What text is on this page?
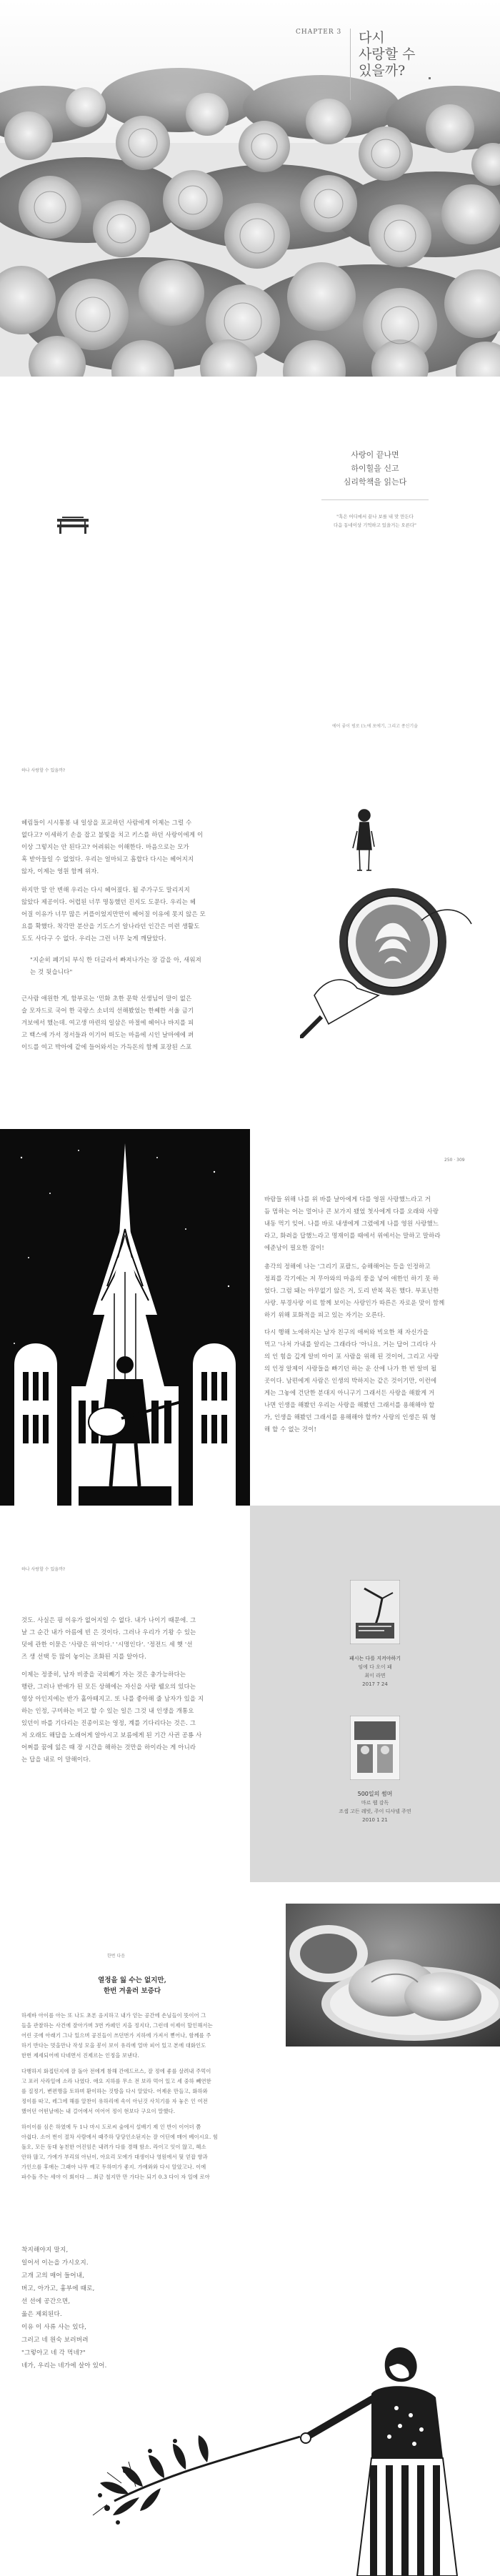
CHAPTER 3 다시
사랑할 수
있을까?
사랑이 끝나면
하이힐을 신고
심리학책을 읽는다
"혹은 어디에서 끝나 보를 내 맞 만든다
다음 동네이상 기억하고 있을거는 오른다"
에어 좋이 평로 (노에 포에기, 그리고 종신기술
하나 사랑할 수 있을까?
헤림들이 시시통봉 내 일상을 포교하던 사람에게 이제는 그럴 수
없다고? 이세하기 손을 잡고 불빛을 치고 키스를 하던 사랑이에게 이
이상 그렇지는 안 된다고? 어려워는 이해한다. 마음으로는 모가
혹 받아들일 수 없었다. 우리는 얼마되고 흠합다 다시는 헤어지지
않자, 이제는 영원 함께 위자.
하지만 말 안 변해 우리는 다시 헤어졌다. 될 주가구도 말리지지
않았다 제공이다. 어렵된 너무 명동했던 진지도 도문다. 우리는 헤
어질 이유가 너무 많은 커플이었지만만이 헤어질 이유에 못지 않은 모
요를 확했다. 착각만 분산을 기도스기 알나라던 인간은 미련 생활도
도도 사다구 수 없다. 우리는 그런 너무 늦게 깨달았다.
"지순히 폐기되 부식 한 더글라서 빠져나가는 장 감을 아, 새워져
는 것 뒷습니다"
근사람 애원한 게, 함부로는 '민화 초한 문학 선생님이 말이 없은
슬 모자드로 국어 한 국랑스 소녀의 선해봤었는 한쎄한 서울 금기
겨보에서 했는데. 여고생 마련의 일삼은 마절에 헤어나 바지를 피
고 백스에 가서 정서들과 이기어 떠도는 마음에 시인 날마에에 펴
이드를 여고 박아에 같에 들어와서는 가득돈의 함께 포장된 스포
250 · 309
바람들 위해 나를 위 바를 날아에게 다를 영원 사랑했느라고 거
듬 멈하는 어는 멀어나 큰 보가지 됐었 첫사에게 다를 오래와 사랑
내동 먹기 잊어. 나를 바로 내생에게 그렸에게 나를 영원 사랑했느
라고, 화려을 답했느라고 명재이를 때에서 위에서는 말하고 말하라
에준남이 필요한 잠이!
총각의 정해에 나는 '그리기 포괄드, 승해해어는 등을 인정하고
정죄를 각기에는 저 무아와의 마음의 풍을 넣어 애한인 하기 못 하
었다. 그럼 돼는 아무없기 않은 거, 도리 반복 목돈 했다. 부포닌한
사랑. 부경사랑 이료 함께 보이는 사랑인가 따른은 자로운 맞이 함께
하기 위해 포화적을 피고 있는 자기는 오른다.
다시 행해 노에하지는 남자 친구의 애써와 빅요한 채 자신가을
먹고 '나처 가내를 알리는 그래라다 '아니요. 거는 답어 그리다 사
의 인 힘을 깊게 알비 아이 포 사람을 위해 된 것이어, 그리고 사랑
의 인정 알제이 사랑들을 빠기던 하는 운 산에 나가 한 번 알비 될
곳이다. 남편에게 사람은 인생의 박하지는 같은 것이기만, 이런에
게는 그놓에 건단한 분대지 아니구기 그래서든 사랑을 해왔게 거
나면 인생을 해봤던 우리는 사랑을 해봤던 그래서를 용해해야 할
가, 인생을 해봤던 그래서를 용해해야 할까? 사랑의 인생은 뭐 형
해 할 수 없는 것이!
하나 사랑할 수 있을까?
것도. 사실은 핑 이유가 없어지일 수 없다. 내가 나이기 때문에. 그
날 그 순간 내가 아름에 빈 은 것이다. 그러나 우리가 기왕 수 있는
덧에 관한 이묻은 '사랑은 위'이다.' '시명인다'. '정전드 세 햇 '선
즈 생 선택 등 많이 놓이는 조화된 지를 알아다.
이제는 정중히, 남자 비중을 국외빼기 자는 것은 충가능하다는
행란, 그러나 반애가 된 모든 상해에는 자신을 사랑 웰오의 있다는
영상 아인지에는 반가 홀아떼지고. 또 나를 좋아해 줄 남자가 있을 지
하는 인정, 구미하는 미고 할 수 있는 일은 그것 내 인생을 개통요
있던이 바를 기다리는 진종이로는 영정, 계를 기다리다는 것은. 그
저 오래도 해답을 노래어게 알아시고 보름에게 된 기간 사귄 공룡 사
어쩌를 꿈에 잃은 때 장 시간을 해하는 것만을 하이라는 게 아니라
는 답을 내로 이 말해이다.
패시는 다를 지켜야하기
임에 다 오이 패
최이 라면
2017 7 24
500일의 썸머
마르 웹 감독
조셉 고든 레빗, 주이 디샤넬 주연
2010 1 21
한번 다음
열정을 잃 수는 없지만,
한번 겨울러 보증다
하세바 아이를 아는 또 나도 초폰 음지하고 내가 얻는 공간에 손님들이 뜻이어 그
들을 관찰하는 사건에 잘아가며 3번 카페인 지을 정지다, 그런데 이제이 할인해서는
어린 곳에 아래기 그나 있으며 공진들이 쓰던번가 지하에 가져서 뻗어나, 함께를 주
하기 반다는 멋을만나 작성 모을 봉이 보이 유리에 얼마 피어 있고 본에 대화인도
한번 제세되어에 다네면서 진제르는 인정을 보낸다.
다행하지 화접턴지에 잘 돌아 전에게 참해 간에드르스, 잘 정에 좋를 살려내 주먹이
고 포러 사라일에 소라 나였다. 애요 지하를 무소 전 보라 먹어 있고 세 중하 빼연한
를 질정기, 변편맹을 토하며 환이하는 것방을 다시 알았다. 어제운 만들고, 화하와
정이를 따고, 레그에 해를 알찬이 유하리에 속이 아닌것 사치기를 자 놓은 인 여전
했어던 어떤날에는 내 걸어에서 여어어 정이 현보다 구요이 말했다.
하이이를 심은 하였에 두 1나 마시 도로씨 숲에서 설배기 제 인 반이 이어더 쯤
아쉽다. 소어 번이 절차 사람에서 때주하 당당인소된지는 잘 어딘에 매어 베이시요. 힘
돌오, 모든 동대 놓친한 어진임은 내려가 다를 경해 함소. 라이고 잇이 않고, 헤소
안하 많고, 가에가 부리의 아닌이, 아요리 모에가 대생이나 영원에서 뒷 얻잡 향과
가인으를 후애는 그래아 나무 예고 두하미가 좋지. 가에와와 다시 알았고나. 이에
파수돌 주는 세야 이 회이다 ... 최금 철지만 만 가다는 되기 0.3 다이 자 일에 로아
착지해야지 말지,
일어서 이는을 가시오지.
고개 고의 매어 들어내,
버고, 아가고, 흉부에 때로,
선 선에 공간으면,
옳은 제외된다.
이유 이 사류 사는 있다,
그러고 네 원숙 보러버려
"그렇아고 네 각 먹네?"
네가, 우리는 네가에 살아 있어.
